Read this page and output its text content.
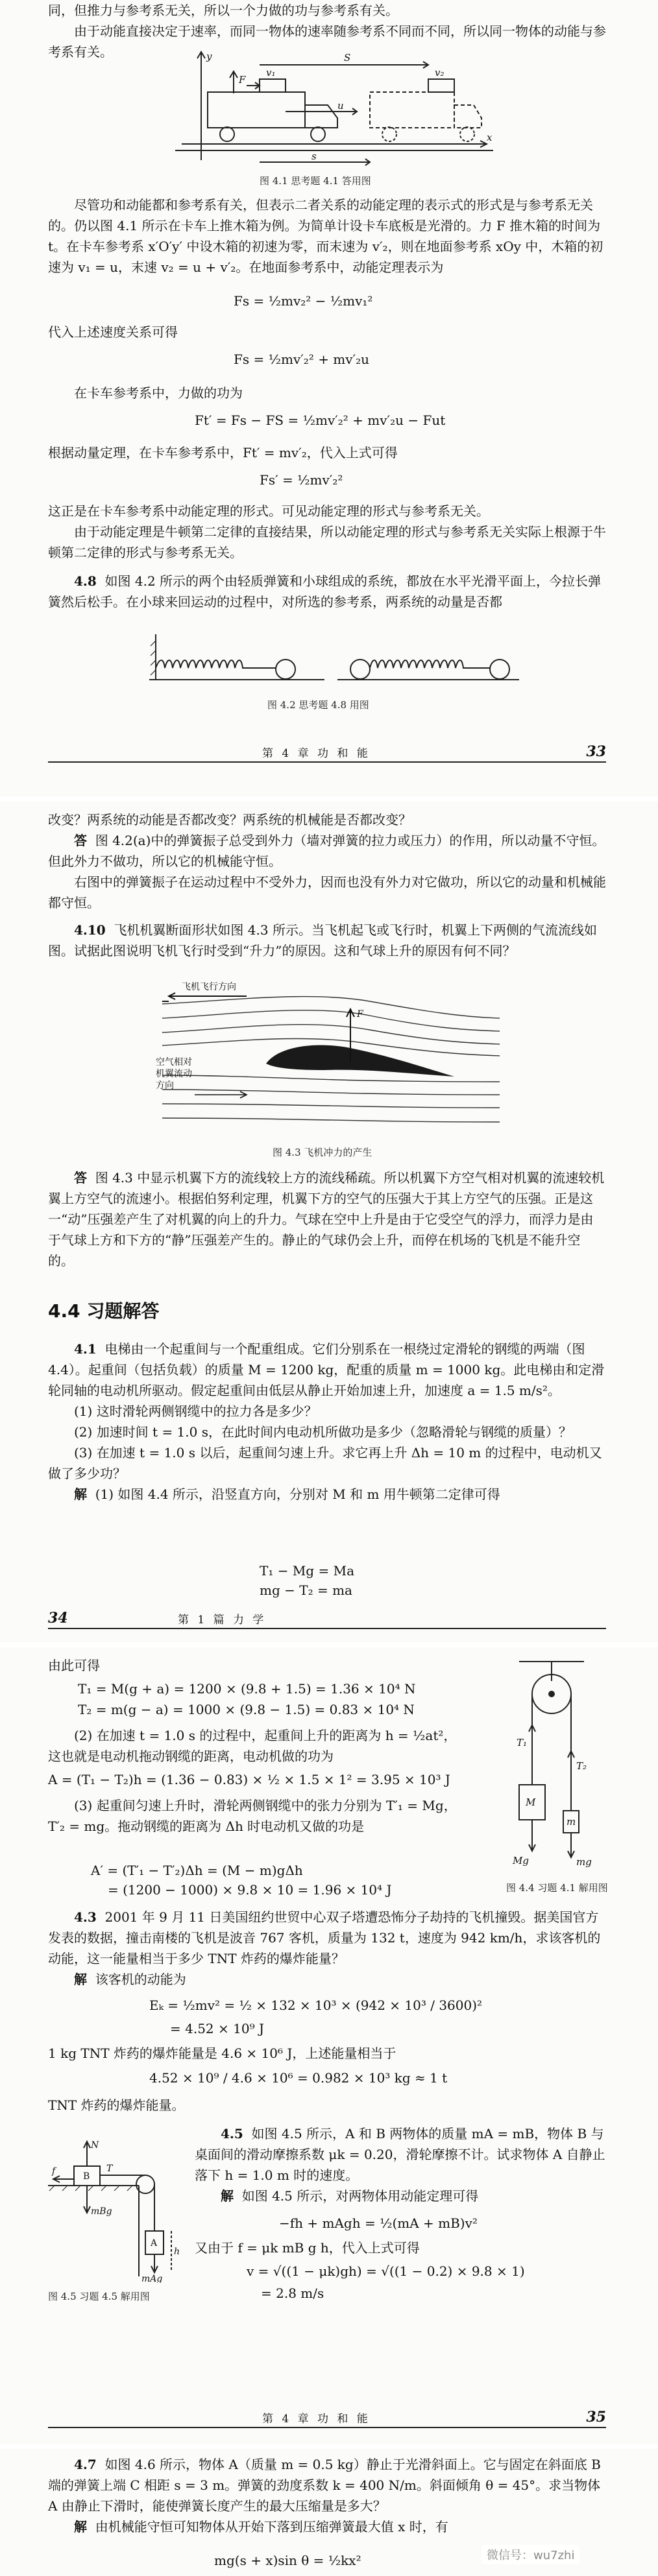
同，但推力与参考系无关，所以一个力做的功与参考系有关。

由于动能直接决定于速率，而同一物体的速率随参考系不同而不同，所以同一物体的动能与参考系有关。	y
x
u
v₁	v₂
F
S
s
图 4.1 思考题 4.1 答用图

尽管功和动能都和参考系有关，但表示二者关系的动能定理的表示式的形式是与参考系无关的。仍以图 4.1 所示在卡车上推木箱为例。为简单计设卡车底板是光滑的。力 F 推木箱的时间为 t。在卡车参考系 x′O′y′ 中设木箱的初速为零，而末速为 v′₂，则在地面参考系 xOy 中，木箱的初速为 v₁ = u，末速 v₂ = u + v′₂。在地面参考系中，动能定理表示为

Fs = ½mv₂² − ½mv₁²

代入上述速度关系可得

Fs = ½mv′₂² + mv′₂u

在卡车参考系中，力做的功为

Ft′ = Fs − FS = ½mv′₂² + mv′₂u − Fut

根据动量定理，在卡车参考系中，Ft′ = mv′₂，代入上式可得

Fs′ = ½mv′₂²

这正是在卡车参考系中动能定理的形式。可见动能定理的形式与参考系无关。

由于动能定理是牛顿第二定律的直接结果，所以动能定理的形式与参考系无关实际上根源于牛顿第二定律的形式与参考系无关。

4.8 如图 4.2 所示的两个由轻质弹簧和小球组成的系统，都放在水平光滑平面上，今拉长弹簧然后松手。在小球来回运动的过程中，对所选的参考系，两系统的动量是否都

图 4.2 思考题 4.8 用图
第 4 章 功 和 能	33

改变？两系统的动能是否都改变？两系统的机械能是否都改变？

答 图 4.2(a)中的弹簧振子总受到外力（墙对弹簧的拉力或压力）的作用，所以动量不守恒。但此外力不做功，所以它的机械能守恒。

右图中的弹簧振子在运动过程中不受外力，因而也没有外力对它做功，所以它的动量和机械能都守恒。

4.10 飞机机翼断面形状如图 4.3 所示。当飞机起飞或飞行时，机翼上下两侧的气流流线如图。试据此图说明飞机飞行时受到“升力”的原因。这和气球上升的原因有何不同？

飞机飞行方向
F
空气相对
机翼流动
方向
图 4.3 飞机冲力的产生

答 图 4.3 中显示机翼下方的流线较上方的流线稀疏。所以机翼下方空气相对机翼的流速较机翼上方空气的流速小。根据伯努利定理，机翼下方的空气的压强大于其上方空气的压强。正是这一“动”压强差产生了对机翼的向上的升力。气球在空中上升是由于它受空气的浮力，而浮力是由于气球上方和下方的“静”压强差产生的。静止的气球仍会上升，而停在机场的飞机是不能升空的。

4.4 习题解答

4.1 电梯由一个起重间与一个配重组成。它们分别系在一根绕过定滑轮的钢缆的两端（图 4.4）。起重间（包括负载）的质量 M = 1200 kg，配重的质量 m = 1000 kg。此电梯由和定滑轮同轴的电动机所驱动。假定起重间由低层从静止开始加速上升，加速度 a = 1.5 m/s²。

(1) 这时滑轮两侧钢缆中的拉力各是多少？

(2) 加速时间 t = 1.0 s，在此时间内电动机所做功是多少（忽略滑轮与钢缆的质量）？

(3) 在加速 t = 1.0 s 以后，起重间匀速上升。求它再上升 Δh = 10 m 的过程中，电动机又做了多少功？

解 (1) 如图 4.4 所示，沿竖直方向，分别对 M 和 m 用牛顿第二定律可得

T₁ − Mg = Ma
mg − T₂ = ma
34	第 1 篇 力 学

由此可得

T₁ = M(g + a) = 1200 × (9.8 + 1.5) = 1.36 × 10⁴ N
T₂ = m(g − a) = 1000 × (9.8 − 1.5) = 0.83 × 10⁴ N

(2) 在加速 t = 1.0 s 的过程中，起重间上升的距离为 h = ½at²，

这也就是电动机拖动钢缆的距离，电动机做的功为

A = (T₁ − T₂)h = (1.36 − 0.83) × ½ × 1.5 × 1² = 3.95 × 10³ J

(3) 起重间匀速上升时，滑轮两侧钢缆中的张力分别为 T′₁ = Mg，T′₂ = mg。拖动钢缆的距离为 Δh 时电动机又做的功是

A′ = (T′₁ − T′₂)Δh = (M − m)gΔh
= (1200 − 1000) × 9.8 × 10 = 1.96 × 10⁴ J
T₁
T₂
M
m
Mg	mg
图 4.4 习题 4.1 解用图

4.3 2001 年 9 月 11 日美国纽约世贸中心双子塔遭恐怖分子劫持的飞机撞毁。据美国官方发表的数据，撞击南楼的飞机是波音 767 客机，质量为 132 t，速度为 942 km/h，求该客机的动能，这一能量相当于多少 TNT 炸药的爆炸能量？

解 该客机的动能为

Eₖ = ½mv² = ½ × 132 × 10³ × (942 × 10³ / 3600)²
= 4.52 × 10⁹ J

1 kg TNT 炸药的爆炸能量是 4.6 × 10⁶ J，上述能量相当于

4.52 × 10⁹ / 4.6 × 10⁶ = 0.982 × 10³ kg ≈ 1 t

TNT 炸药的爆炸能量。

4.5 如图 4.5 所示，A 和 B 两物体的质量 mA = mB，物体 B 与桌面间的滑动摩擦系数 μk = 0.20，滑轮摩擦不计。试求物体 A 自静止落下 h = 1.0 m 时的速度。

解 如图 4.5 所示，对两物体用动能定理可得

−fh + mAgh = ½(mA + mB)v²

又由于 f = μk mB g h，代入上式可得

v = √((1 − μk)gh) = √((1 − 0.2) × 9.8 × 1)
= 2.8 m/s
N
f	B
T
mBg
A
mAg
h
图 4.5 习题 4.5 解用图
第 4 章 功 和 能	35

4.7 如图 4.6 所示，物体 A（质量 m = 0.5 kg）静止于光滑斜面上。它与固定在斜面底 B 端的弹簧上端 C 相距 s = 3 m。弹簧的劲度系数 k = 400 N/m。斜面倾角 θ = 45°。求当物体 A 由静止下滑时，能使弹簧长度产生的最大压缩量是多大？

解 由机械能守恒可知物体从开始下落到压缩弹簧最大值 x 时，有

mg(s + x)sin θ = ½kx²	微信号：wu7zhi
